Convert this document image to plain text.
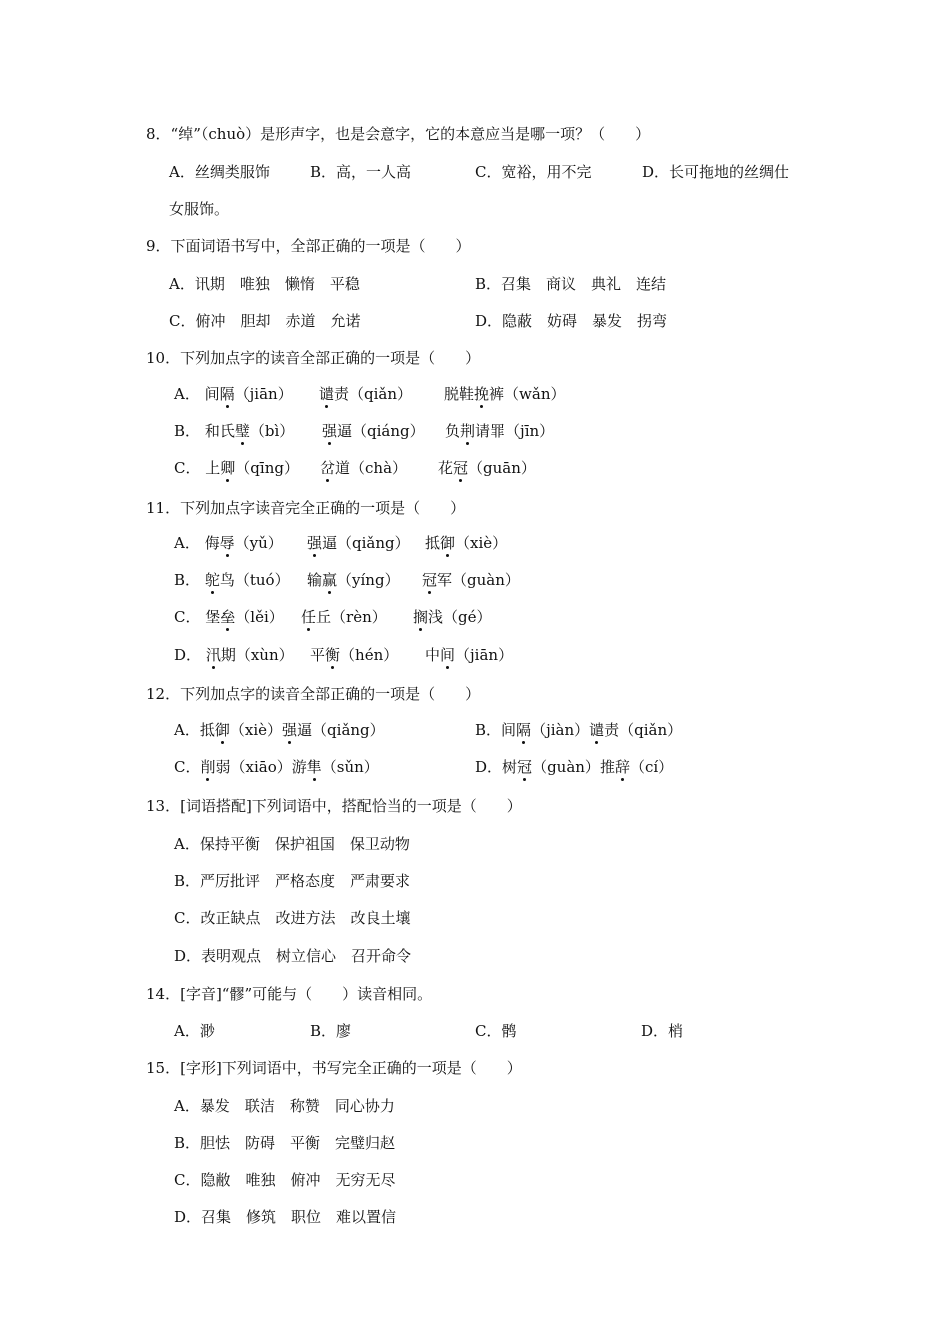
8．“绰”（chuò）是形声字，也是会意字，它的本意应当是哪一项？（　　）
A．丝绸类服饰	B．高，一人高	C．宽裕，用不完	D．长可拖地的丝绸仕
女服饰。
9．下面词语书写中，全部正确的一项是（　　）
A．讯期　唯独　懒惰　平稳	B．召集　商议　典礼　连结
C．俯冲　胆却　赤道　允诺	D．隐蔽　妨碍　暴发　拐弯
10．下列加点字的读音全部正确的一项是（　　）
A． 间隔（jiān） 谴责（qiǎn） 脱鞋挽裤（wǎn）
B． 和氏璧（bì） 强逼（qiáng） 负荆请罪（jīn）
C． 上卿（qīng） 岔道（chà） 花冠（guān）
11．下列加点字读音完全正确的一项是（　　）
A． 侮辱（yǔ） 强逼（qiǎng） 抵御（xiè）
B． 鸵鸟（tuó） 输赢（yíng） 冠军（guàn）
C． 堡垒（lěi） 任丘（rèn） 搁浅（gé）
D． 汛期（xùn） 平衡（hén） 中间（jiān）
12．下列加点字的读音全部正确的一项是（　　）
A．抵御（xiè）强逼（qiǎng）	B．间隔（jiàn）谴责（qiǎn）
C．削弱（xiāo）游隼（sǔn）	D．树冠（guàn）推辞（cí）
13．[词语搭配]下列词语中，搭配恰当的一项是（　　）
A．保持平衡　保护祖国　保卫动物
B．严厉批评　严格态度　严肃要求
C．改正缺点　改进方法　改良土壤
D．表明观点　树立信心　召开命令
14．[字音]“髎”可能与（　　）读音相同。
A．渺	B．廖	C．鹘	D．梢
15．[字形]下列词语中，书写完全正确的一项是（　　）
A．暴发　联洁　称赞　同心协力
B．胆怯　防碍　平衡　完璧归赵
C．隐敝　唯独　俯冲　无穷无尽
D．召集　修筑　职位　难以置信
